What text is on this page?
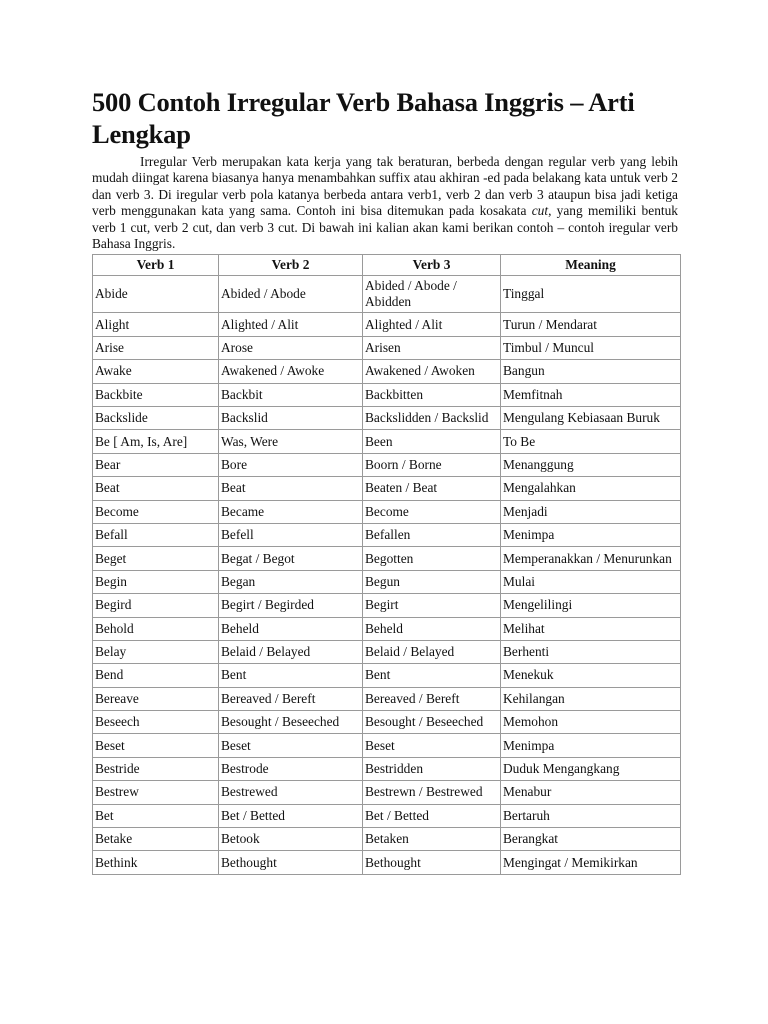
500 Contoh Irregular Verb Bahasa Inggris – Arti Lengkap

Irregular Verb merupakan kata kerja yang tak beraturan, berbeda dengan regular verb yang lebih mudah diingat karena biasanya hanya menambahkan suffix atau akhiran -ed pada belakang kata untuk verb 2 dan verb 3. Di iregular verb pola katanya berbeda antara verb1, verb 2 dan verb 3 ataupun bisa jadi ketiga verb menggunakan kata yang sama. Contoh ini bisa ditemukan pada kosakata cut, yang memiliki bentuk verb 1 cut, verb 2 cut, dan verb 3 cut. Di bawah ini kalian akan kami berikan contoh – contoh iregular verb Bahasa Inggris.

Verb 1	Verb 2	Verb 3	Meaning
Abide	Abided / Abode	Abided / Abode / Abidden	Tinggal
Alight	Alighted / Alit	Alighted / Alit	Turun / Mendarat
Arise	Arose	Arisen	Timbul / Muncul
Awake	Awakened / Awoke	Awakened / Awoken	Bangun
Backbite	Backbit	Backbitten	Memfitnah
Backslide	Backslid	Backslidden / Backslid	Mengulang Kebiasaan Buruk
Be [ Am, Is, Are]	Was, Were	Been	To Be
Bear	Bore	Boorn / Borne	Menanggung
Beat	Beat	Beaten / Beat	Mengalahkan
Become	Became	Become	Menjadi
Befall	Befell	Befallen	Menimpa
Beget	Begat / Begot	Begotten	Memperanakkan / Menurunkan
Begin	Began	Begun	Mulai
Begird	Begirt / Begirded	Begirt	Mengelilingi
Behold	Beheld	Beheld	Melihat
Belay	Belaid / Belayed	Belaid / Belayed	Berhenti
Bend	Bent	Bent	Menekuk
Bereave	Bereaved / Bereft	Bereaved / Bereft	Kehilangan
Beseech	Besought / Beseeched	Besought / Beseeched	Memohon
Beset	Beset	Beset	Menimpa
Bestride	Bestrode	Bestridden	Duduk Mengangkang
Bestrew	Bestrewed	Bestrewn / Bestrewed	Menabur
Bet	Bet / Betted	Bet / Betted	Bertaruh
Betake	Betook	Betaken	Berangkat
Bethink	Bethought	Bethought	Mengingat / Memikirkan
